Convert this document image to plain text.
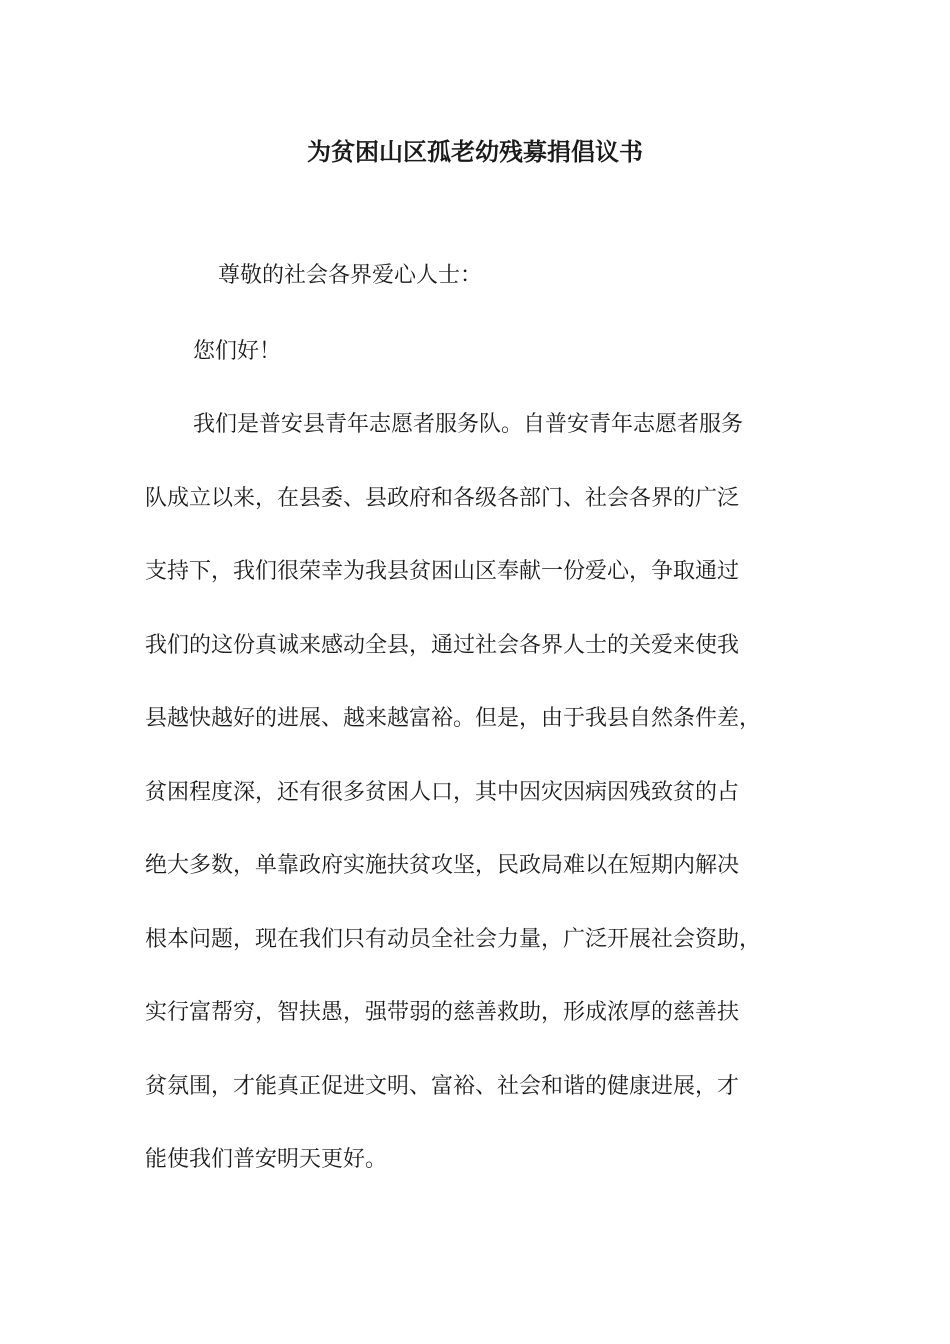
为贫困山区孤老幼残募捐倡议书

尊敬的社会各界爱心人士：

您们好！

我们是普安县青年志愿者服务队。自普安青年志愿者服务
队成立以来，在县委、县政府和各级各部门、社会各界的广泛
支持下，我们很荣幸为我县贫困山区奉献一份爱心，争取通过
我们的这份真诚来感动全县，通过社会各界人士的关爱来使我
县越快越好的进展、越来越富裕。但是，由于我县自然条件差，
贫困程度深，还有很多贫困人口，其中因灾因病因残致贫的占
绝大多数，单靠政府实施扶贫攻坚，民政局难以在短期内解决
根本问题，现在我们只有动员全社会力量，广泛开展社会资助，
实行富帮穷，智扶愚，强带弱的慈善救助，形成浓厚的慈善扶
贫氛围，才能真正促进文明、富裕、社会和谐的健康进展，才
能使我们普安明天更好。
